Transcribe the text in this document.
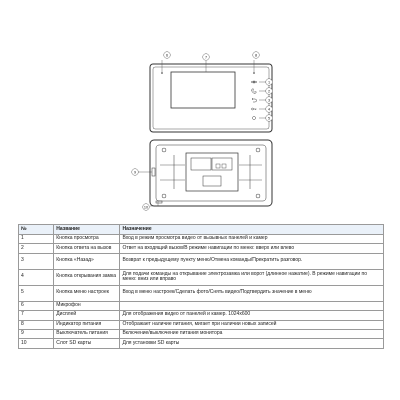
6	7	8
1
2
3
4
5
9
10
№	Название	Назначение
1	Кнопка просмотра	Вход в режим просмотра видео от вызывных панелей и камер
2	Кнопка ответа на вызов	Ответ на входящий вызов/В режиме навигации по меню: вверх или влево
3	Кнопка «Назад»	Возврат к предыдущему пункту меню/Отмена команды/Прекратить разговор.
4	Кнопка открывания замка	Для подачи команды на открывание электрозамка или ворот (длинное нажатие). В режиме навигации по меню: вниз или вправо
5	Кнопка меню настроек	Вход в меню настроек/Сделать фото/Снять видео/Подтвердить значение в меню
6	Микрофон	
7	Дисплей	Для отображения видео от панелей и камер. 1024х600
8	Индикатор питания	Отображает наличие питания, мигает при наличии новых записей
9	Выключатель питания	Включение/выключение питания монитора
10	Слот SD карты	Для установки SD карты
